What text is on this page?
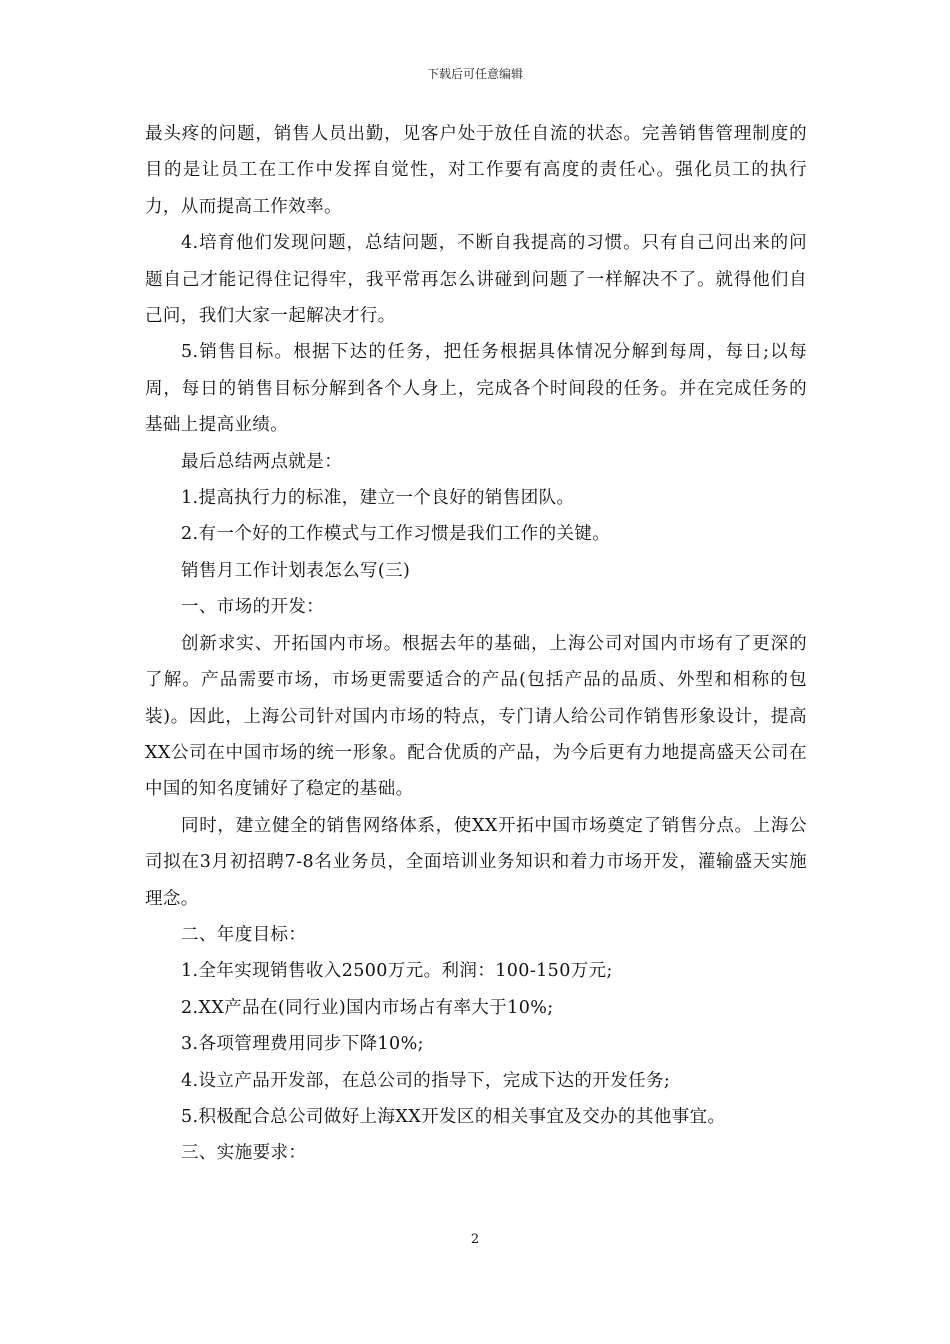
下载后可任意编辑

最头疼的问题，销售人员出勤，见客户处于放任自流的状态。完善销售管理制度的目的是让员工在工作中发挥自觉性，对工作要有高度的责任心。强化员工的执行力，从而提高工作效率。

4.培育他们发现问题，总结问题，不断自我提高的习惯。只有自己问出来的问题自己才能记得住记得牢，我平常再怎么讲碰到问题了一样解决不了。就得他们自己问，我们大家一起解决才行。

5.销售目标。根据下达的任务，把任务根据具体情况分解到每周，每日;以每周，每日的销售目标分解到各个人身上，完成各个时间段的任务。并在完成任务的基础上提高业绩。

最后总结两点就是：

1.提高执行力的标准，建立一个良好的销售团队。

2.有一个好的工作模式与工作习惯是我们工作的关键。

销售月工作计划表怎么写(三)

一、市场的开发：

创新求实、开拓国内市场。根据去年的基础，上海公司对国内市场有了更深的了解。产品需要市场，市场更需要适合的产品(包括产品的品质、外型和相称的包装)。因此，上海公司针对国内市场的特点，专门请人给公司作销售形象设计，提高XX公司在中国市场的统一形象。配合优质的产品，为今后更有力地提高盛天公司在中国的知名度铺好了稳定的基础。

同时，建立健全的销售网络体系，使XX开拓中国市场奠定了销售分点。上海公司拟在3月初招聘7-8名业务员，全面培训业务知识和着力市场开发，灌输盛天实施理念。

二、年度目标：

1.全年实现销售收入2500万元。利润：100-150万元;

2.XX产品在(同行业)国内市场占有率大于10%;

3.各项管理费用同步下降10%;

4.设立产品开发部，在总公司的指导下，完成下达的开发任务;

5.积极配合总公司做好上海XX开发区的相关事宜及交办的其他事宜。

三、实施要求：

2
